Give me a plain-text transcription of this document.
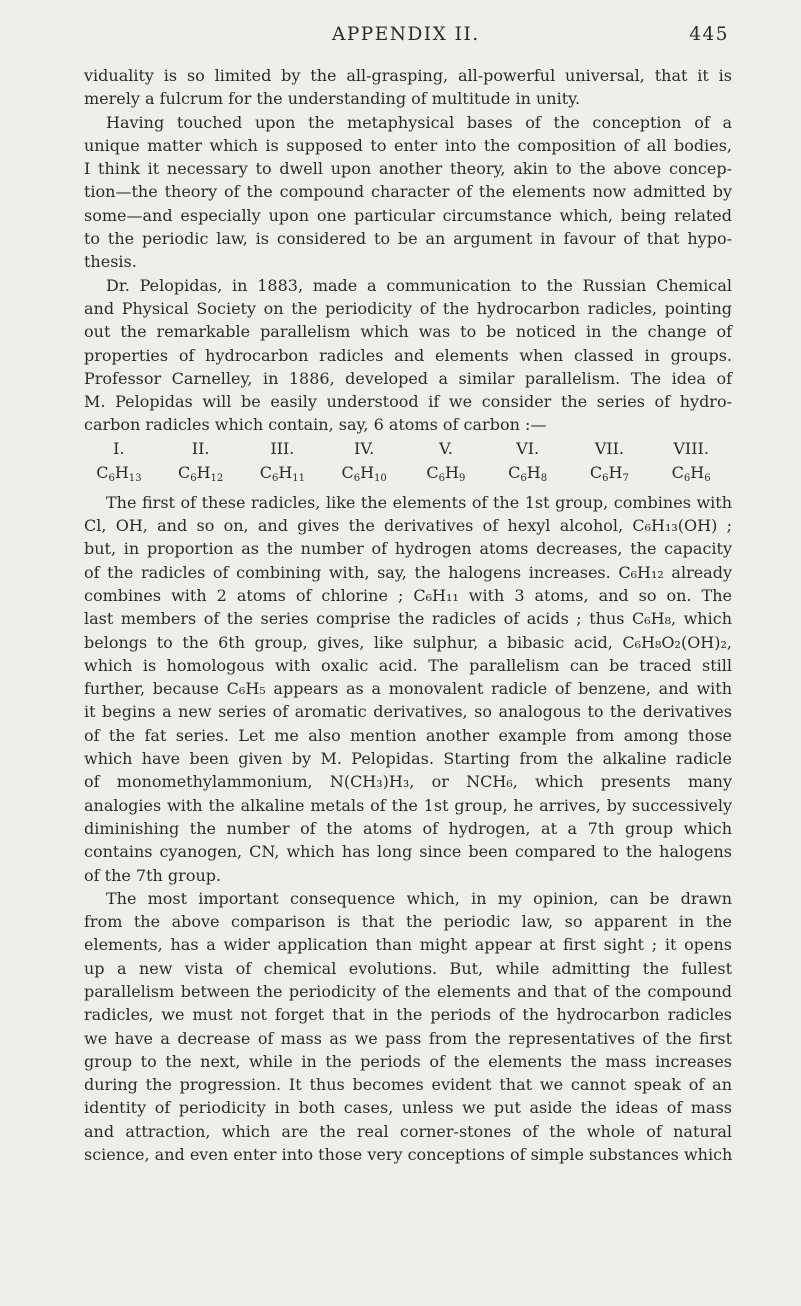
APPENDIX II.	445
viduality is so limited by the all-grasping, all-powerful universal, that it is
merely a fulcrum for the understanding of multitude in unity.
Having touched upon the metaphysical bases of the conception of a
unique matter which is supposed to enter into the composition of all bodies,
I think it necessary to dwell upon another theory, akin to the above concep-
tion—the theory of the compound character of the elements now admitted by
some—and especially upon one particular circumstance which, being related
to the periodic law, is considered to be an argument in favour of that hypo-
thesis.
Dr. Pelopidas, in 1883, made a communication to the Russian Chemical
and Physical Society on the periodicity of the hydrocarbon radicles, pointing
out the remarkable parallelism which was to be noticed in the change of
properties of hydrocarbon radicles and elements when classed in groups.
Professor Carnelley, in 1886, developed a similar parallelism. The idea of
M. Pelopidas will be easily understood if we consider the series of hydro-
carbon radicles which contain, say, 6 atoms of carbon :—
I.	II.	III.	IV.	V.	VI.	VII.	VIII.
$C_6H_{13}$	$C_6H_{12}$	$C_6H_{11}$	$C_6H_{10}$	$C_6H_9$	$C_6H_8$	$C_6H_7$	$C_6H_6$
The first of these radicles, like the elements of the 1st group, combines with
Cl, OH, and so on, and gives the derivatives of hexyl alcohol, C₆H₁₃(OH) ;
but, in proportion as the number of hydrogen atoms decreases, the capacity
of the radicles of combining with, say, the halogens increases. C₆H₁₂ already
combines with 2 atoms of chlorine ; C₆H₁₁ with 3 atoms, and so on. The
last members of the series comprise the radicles of acids ; thus C₆H₈, which
belongs to the 6th group, gives, like sulphur, a bibasic acid, C₆H₈O₂(OH)₂,
which is homologous with oxalic acid. The parallelism can be traced still
further, because C₆H₅ appears as a monovalent radicle of benzene, and with
it begins a new series of aromatic derivatives, so analogous to the derivatives
of the fat series. Let me also mention another example from among those
which have been given by M. Pelopidas. Starting from the alkaline radicle
of monomethylammonium, N(CH₃)H₃, or NCH₆, which presents many
analogies with the alkaline metals of the 1st group, he arrives, by successively
diminishing the number of the atoms of hydrogen, at a 7th group which
contains cyanogen, CN, which has long since been compared to the halogens
of the 7th group.
The most important consequence which, in my opinion, can be drawn
from the above comparison is that the periodic law, so apparent in the
elements, has a wider application than might appear at first sight ; it opens
up a new vista of chemical evolutions. But, while admitting the fullest
parallelism between the periodicity of the elements and that of the compound
radicles, we must not forget that in the periods of the hydrocarbon radicles
we have a decrease of mass as we pass from the representatives of the first
group to the next, while in the periods of the elements the mass increases
during the progression. It thus becomes evident that we cannot speak of an
identity of periodicity in both cases, unless we put aside the ideas of mass
and attraction, which are the real corner-stones of the whole of natural
science, and even enter into those very conceptions of simple substances which
